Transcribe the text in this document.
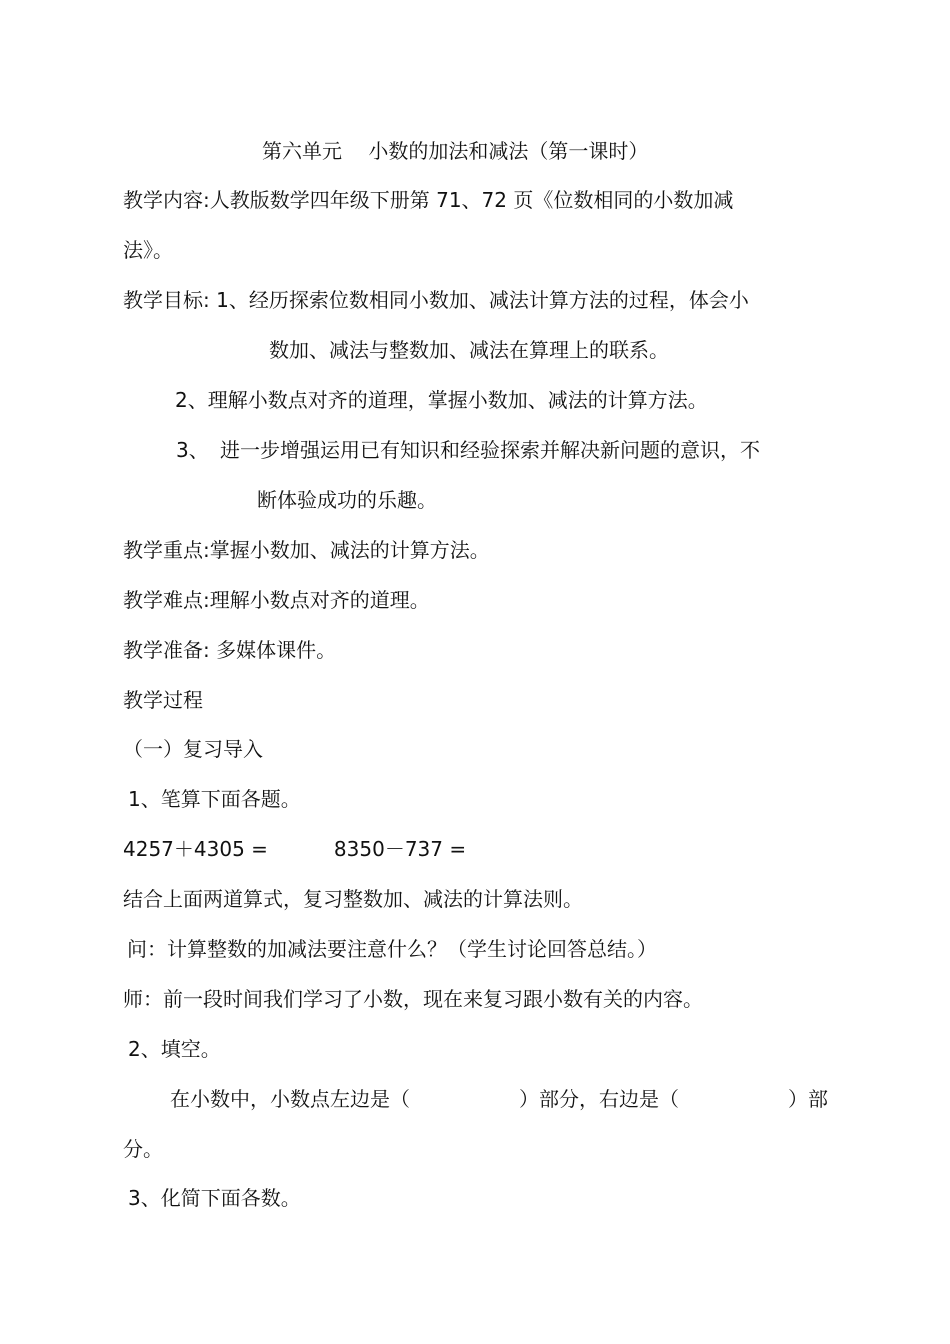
第六单元　 小数的加法和减法（第一课时）
教学内容:人教版数学四年级下册第 71、72 页《位数相同的小数加减
法》。
教学目标: 1、经历探索位数相同小数加、减法计算方法的过程，体会小
数加、减法与整数加、减法在算理上的联系。
2、理解小数点对齐的道理，掌握小数加、减法的计算方法。
3、 进一步增强运用已有知识和经验探索并解决新问题的意识，不
断体验成功的乐趣。
教学重点:掌握小数加、减法的计算方法。
教学难点:理解小数点对齐的道理。
教学准备: 多媒体课件。
教学过程
（一）复习导入
1、笔算下面各题。
4257＋4305 =	8350－737 =
结合上面两道算式，复习整数加、减法的计算法则。
问：计算整数的加减法要注意什么？（学生讨论回答总结。）
师：前一段时间我们学习了小数，现在来复习跟小数有关的内容。
2、填空。
在小数中，小数点左边是（	）部分，右边是（	）部
分。
3、化简下面各数。
